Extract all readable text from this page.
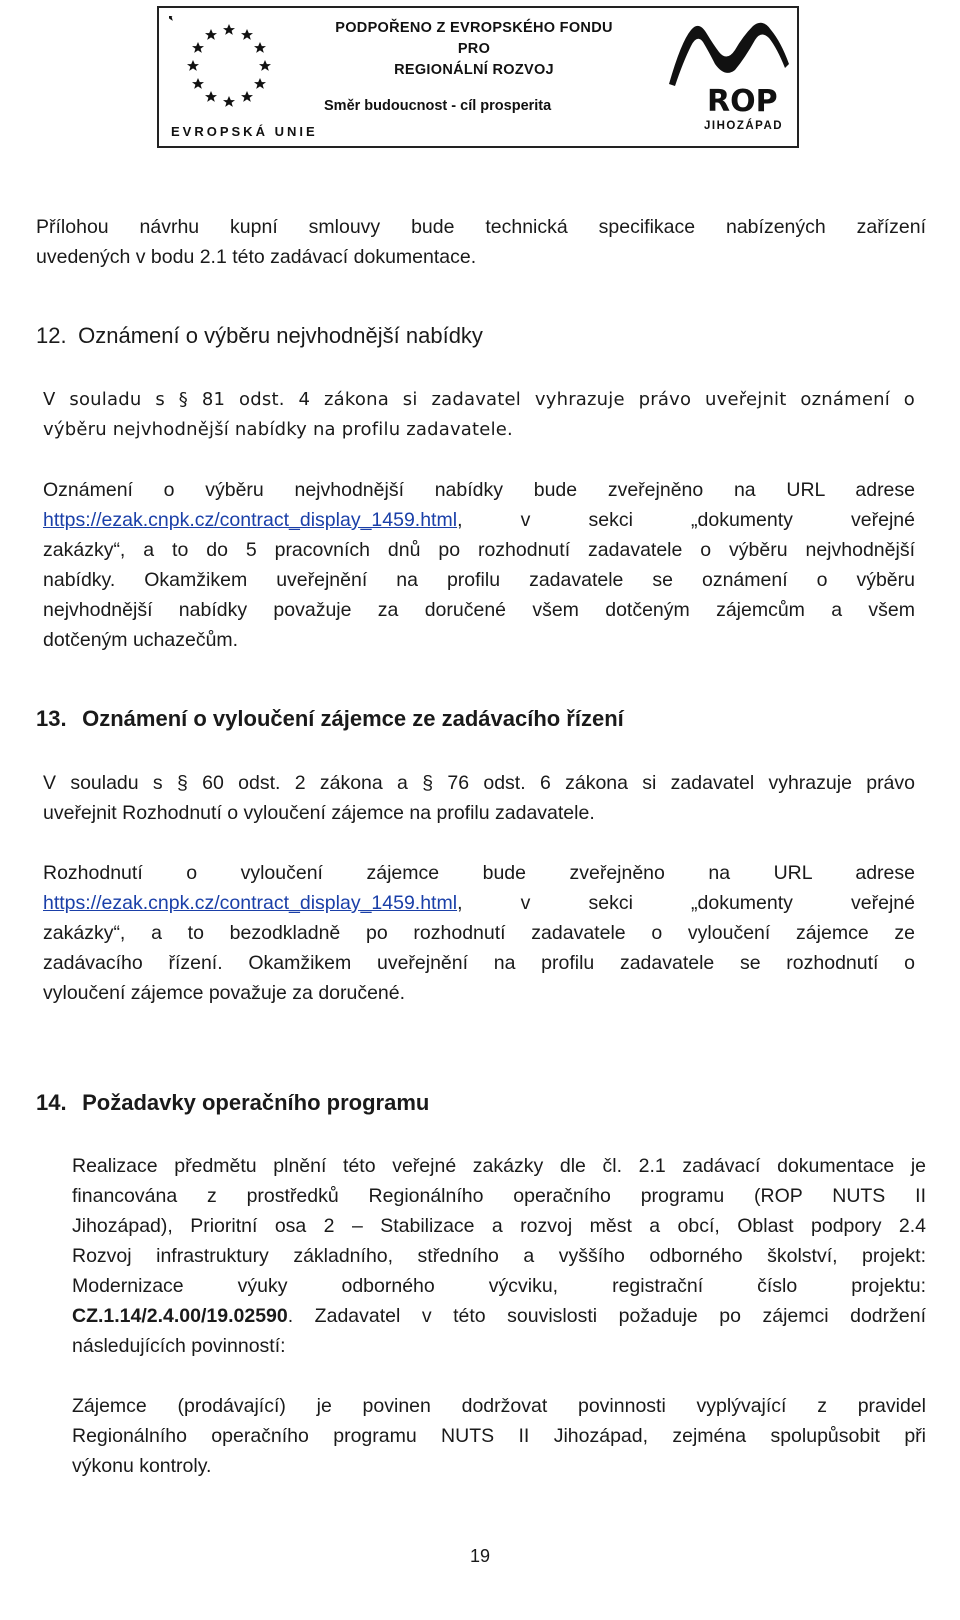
EVROPSKÁ UNIE
PODPOŘENO Z EVROPSKÉHO FONDU
PRO
REGIONÁLNÍ ROZVOJ
Směr budoucnost - cíl prosperita	ROP
JIHOZÁPAD

Přílohou návrhu kupní smlouvy bude technická specifikace nabízených zařízení

uvedených v bodu 2.1 této zadávací dokumentace.

12. Oznámení o výběru nejvhodnější nabídky

V souladu s § 81 odst. 4 zákona si zadavatel vyhrazuje právo uveřejnit oznámení o

výběru nejvhodnější nabídky na profilu zadavatele.

Oznámení o výběru nejvhodnější nabídky bude zveřejněno na URL adrese

https://ezak.cnpk.cz/contract_display_1459.html, v sekci „dokumenty veřejné

zakázky“, a to do 5 pracovních dnů po rozhodnutí zadavatele o výběru nejvhodnější

nabídky. Okamžikem uveřejnění na profilu zadavatele se oznámení o výběru

nejvhodnější nabídky považuje za doručené všem dotčeným zájemcům a všem

dotčeným uchazečům.

13. Oznámení o vyloučení zájemce ze zadávacího řízení

V souladu s § 60 odst. 2 zákona a § 76 odst. 6 zákona si zadavatel vyhrazuje právo

uveřejnit Rozhodnutí o vyloučení zájemce na profilu zadavatele.

Rozhodnutí o vyloučení zájemce bude zveřejněno na URL adrese

https://ezak.cnpk.cz/contract_display_1459.html, v sekci „dokumenty veřejné

zakázky“, a to bezodkladně po rozhodnutí zadavatele o vyloučení zájemce ze

zadávacího řízení. Okamžikem uveřejnění na profilu zadavatele se rozhodnutí o

vyloučení zájemce považuje za doručené.

14. Požadavky operačního programu

Realizace předmětu plnění této veřejné zakázky dle čl. 2.1 zadávací dokumentace je

financována z prostředků Regionálního operačního programu (ROP NUTS II

Jihozápad), Prioritní osa 2 – Stabilizace a rozvoj měst a obcí, Oblast podpory 2.4

Rozvoj infrastruktury základního, středního a vyššího odborného školství, projekt:

Modernizace výuky odborného výcviku, registrační číslo projektu:

CZ.1.14/2.4.00/19.02590. Zadavatel v této souvislosti požaduje po zájemci dodržení

následujících povinností:

Zájemce (prodávající) je povinen dodržovat povinnosti vyplývající z pravidel

Regionálního operačního programu NUTS II Jihozápad, zejména spolupůsobit při

výkonu kontroly.

19
